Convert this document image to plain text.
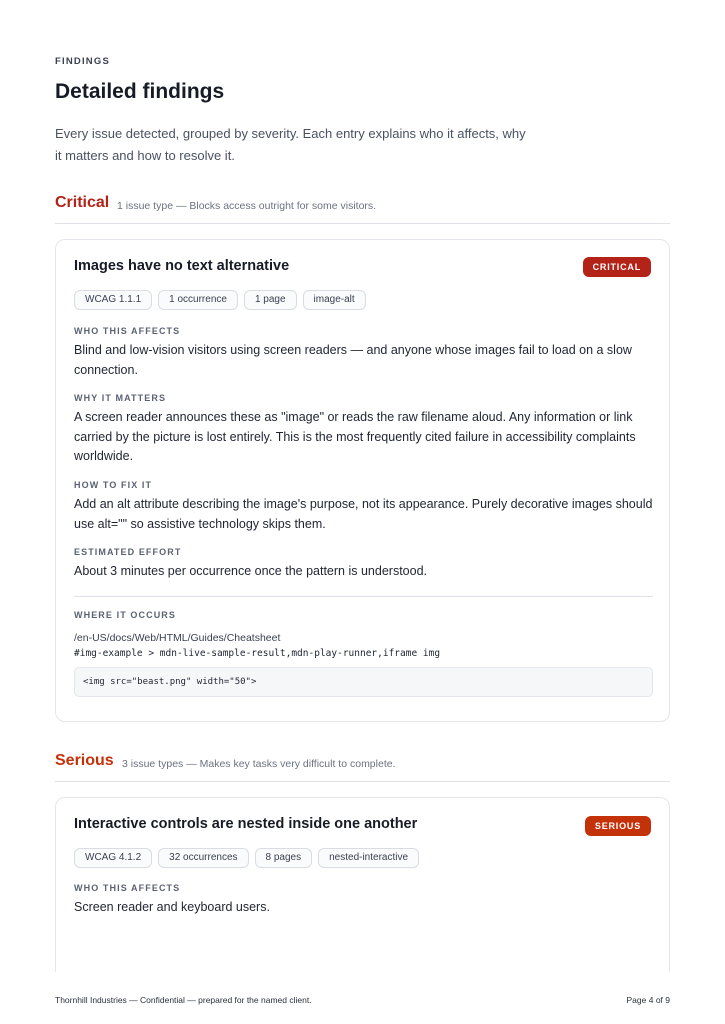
FINDINGS
Detailed findings

Every issue detected, grouped by severity. Each entry explains who it affects, why it matters and how to resolve it.

Critical 1 issue type — Blocks access outright for some visitors.
Images have no text alternative	CRITICAL
WCAG 1.1.1	1 occurrence	1 page	image-alt
WHO THIS AFFECTS
Blind and low-vision visitors using screen readers — and anyone whose images fail to load on a slow connection.
WHY IT MATTERS
A screen reader announces these as "image" or reads the raw filename aloud. Any information or link carried by the picture is lost entirely. This is the most frequently cited failure in accessibility complaints worldwide.
HOW TO FIX IT
Add an alt attribute describing the image's purpose, not its appearance. Purely decorative images should use alt="" so assistive technology skips them.
ESTIMATED EFFORT
About 3 minutes per occurrence once the pattern is understood.
WHERE IT OCCURS
/en-US/docs/Web/HTML/Guides/Cheatsheet
#img-example > mdn-live-sample-result,mdn-play-runner,iframe img
<img src="beast.png" width="50">
Serious 3 issue types — Makes key tasks very difficult to complete.
Interactive controls are nested inside one another	SERIOUS
WCAG 4.1.2	32 occurrences	8 pages	nested-interactive
WHO THIS AFFECTS
Screen reader and keyboard users.
Thornhill Industries — Confidential — prepared for the named client.	Page 4 of 9
